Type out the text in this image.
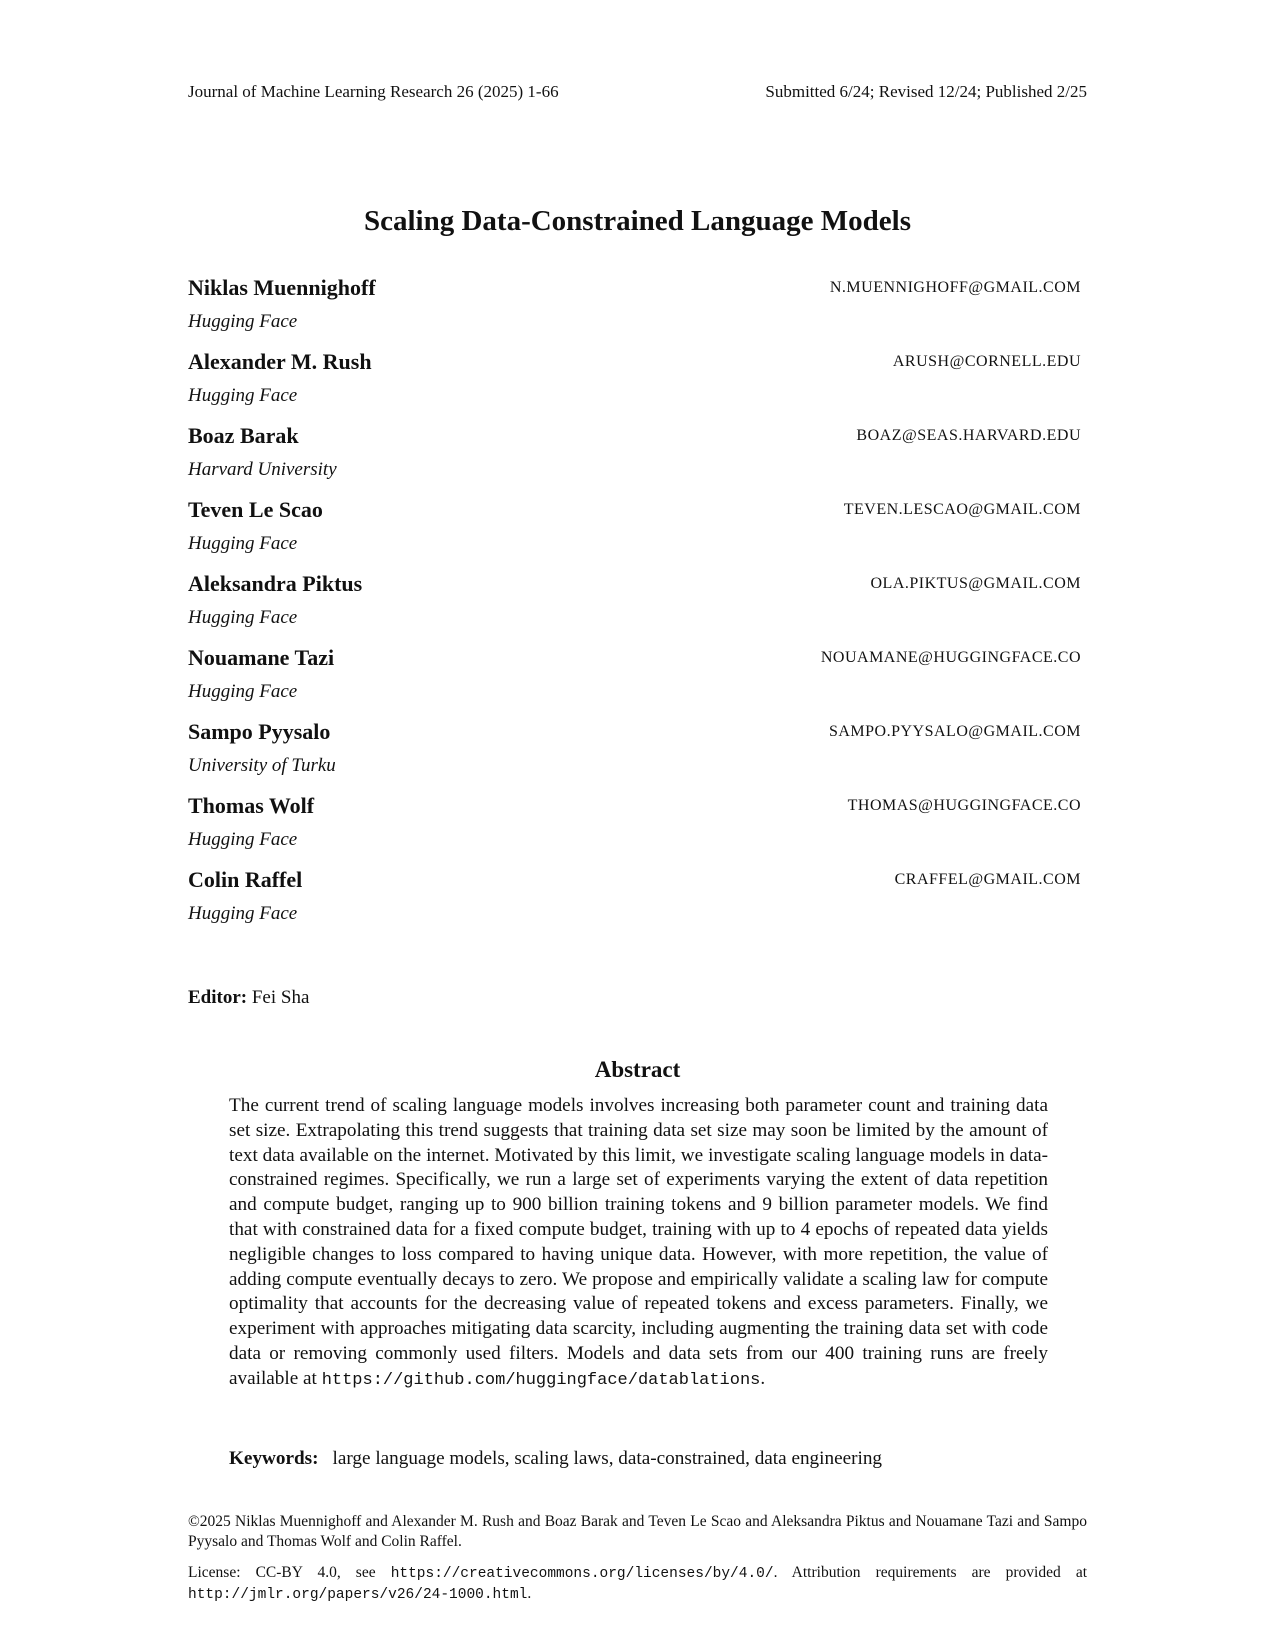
Journal of Machine Learning Research 26 (2025) 1-66	Submitted 6/24; Revised 12/24; Published 2/25
Scaling Data-Constrained Language Models
Niklas Muennighoff	N.MUENNIGHOFF@GMAIL.COM
Hugging Face
Alexander M. Rush	ARUSH@CORNELL.EDU
Hugging Face
Boaz Barak	BOAZ@SEAS.HARVARD.EDU
Harvard University
Teven Le Scao	TEVEN.LESCAO@GMAIL.COM
Hugging Face
Aleksandra Piktus	OLA.PIKTUS@GMAIL.COM
Hugging Face
Nouamane Tazi	NOUAMANE@HUGGINGFACE.CO
Hugging Face
Sampo Pyysalo	SAMPO.PYYSALO@GMAIL.COM
University of Turku
Thomas Wolf	THOMAS@HUGGINGFACE.CO
Hugging Face
Colin Raffel	CRAFFEL@GMAIL.COM
Hugging Face
Editor: Fei Sha
Abstract
The current trend of scaling language models involves increasing both parameter count and training data set size. Extrapolating this trend suggests that training data set size may soon be limited by the amount of text data available on the internet. Motivated by this limit, we investigate scaling language models in data-constrained regimes. Specifically, we run a large set of experiments varying the extent of data repetition and compute budget, ranging up to 900 billion training tokens and 9 billion parameter models. We find that with constrained data for a fixed compute budget, training with up to 4 epochs of repeated data yields negligible changes to loss compared to having unique data. However, with more repetition, the value of adding compute eventually decays to zero. We propose and empirically validate a scaling law for compute optimality that accounts for the decreasing value of repeated tokens and excess parameters. Finally, we experiment with approaches mitigating data scarcity, including augmenting the training data set with code data or removing commonly used filters. Models and data sets from our 400 training runs are freely available at https://github.com/huggingface/datablations.
Keywords: large language models, scaling laws, data-constrained, data engineering
©2025 Niklas Muennighoff and Alexander M. Rush and Boaz Barak and Teven Le Scao and Aleksandra Piktus and Nouamane Tazi and Sampo Pyysalo and Thomas Wolf and Colin Raffel.
License: CC-BY 4.0, see https://creativecommons.org/licenses/by/4.0/. Attribution requirements are provided at http://jmlr.org/papers/v26/24-1000.html.
